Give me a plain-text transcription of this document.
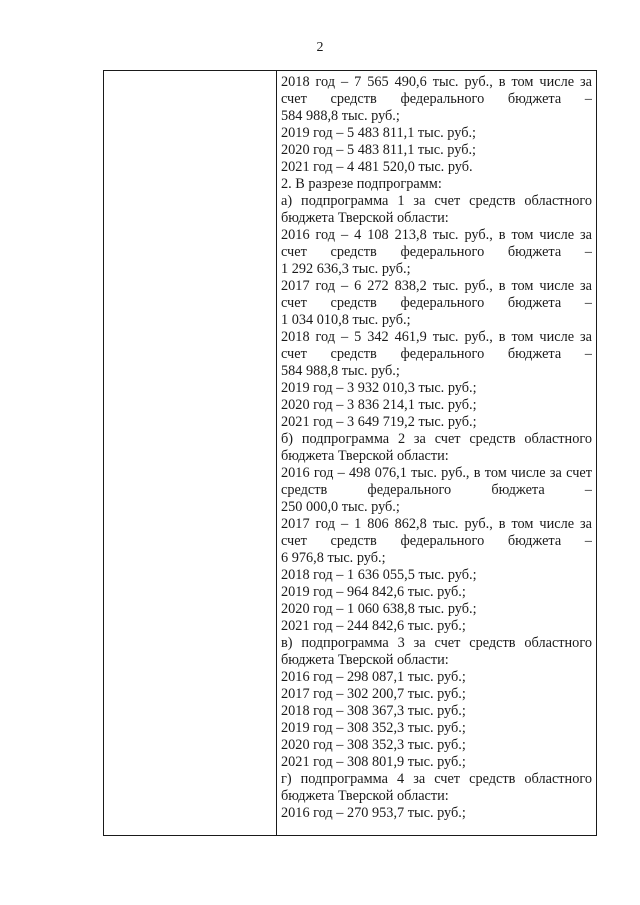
2

2018 год – 7 565 490,6 тыс. руб., в том числе за
счет средств федерального бюджета –
584 988,8 тыс. руб.;
2019 год – 5 483 811,1 тыс. руб.;
2020 год – 5 483 811,1 тыс. руб.;
2021 год – 4 481 520,0 тыс. руб.
2. В разрезе подпрограмм:
а) подпрограмма 1 за счет средств областного
бюджета Тверской области:
2016 год – 4 108 213,8 тыс. руб., в том числе за
счет средств федерального бюджета –
1 292 636,3 тыс. руб.;
2017 год – 6 272 838,2 тыс. руб., в том числе за
счет средств федерального бюджета –
1 034 010,8 тыс. руб.;
2018 год – 5 342 461,9 тыс. руб., в том числе за
счет средств федерального бюджета –
584 988,8 тыс. руб.;
2019 год – 3 932 010,3 тыс. руб.;
2020 год – 3 836 214,1 тыс. руб.;
2021 год – 3 649 719,2 тыс. руб.;
б) подпрограмма 2 за счет средств областного
бюджета Тверской области:
2016 год – 498 076,1 тыс. руб., в том числе за счет
средств федерального бюджета –
250 000,0 тыс. руб.;
2017 год – 1 806 862,8 тыс. руб., в том числе за
счет средств федерального бюджета –
6 976,8 тыс. руб.;
2018 год – 1 636 055,5 тыс. руб.;
2019 год – 964 842,6 тыс. руб.;
2020 год – 1 060 638,8 тыс. руб.;
2021 год – 244 842,6 тыс. руб.;
в) подпрограмма 3 за счет средств областного
бюджета Тверской области:
2016 год – 298 087,1 тыс. руб.;
2017 год – 302 200,7 тыс. руб.;
2018 год – 308 367,3 тыс. руб.;
2019 год – 308 352,3 тыс. руб.;
2020 год – 308 352,3 тыс. руб.;
2021 год – 308 801,9 тыс. руб.;
г) подпрограмма 4 за счет средств областного
бюджета Тверской области:
2016 год – 270 953,7 тыс. руб.;
